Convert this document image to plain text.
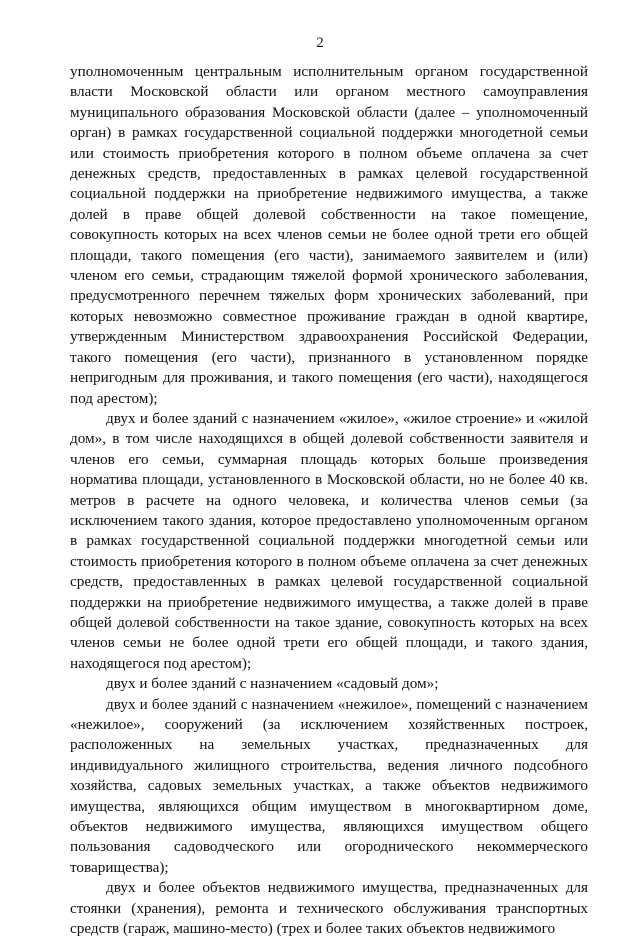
2

уполномоченным центральным исполнительным органом государственной власти Московской области или органом местного самоуправления муниципального образования Московской области (далее – уполномоченный орган) в рамках государственной социальной поддержки многодетной семьи или стоимость приобретения которого в полном объеме оплачена за счет денежных средств, предоставленных в рамках целевой государственной социальной поддержки на приобретение недвижимого имущества, а также долей в праве общей долевой собственности на такое помещение, совокупность которых на всех членов семьи не более одной трети его общей площади, такого помещения (его части), занимаемого заявителем и (или) членом его семьи, страдающим тяжелой формой хронического заболевания, предусмотренного перечнем тяжелых форм хронических заболеваний, при которых невозможно совместное проживание граждан в одной квартире, утвержденным Министерством здравоохранения Российской Федерации, такого помещения (его части), признанного в установленном порядке непригодным для проживания, и такого помещения (его части), находящегося под арестом);

двух и более зданий с назначением «жилое», «жилое строение» и «жилой дом», в том числе находящихся в общей долевой собственности заявителя и членов его семьи, суммарная площадь которых больше произведения норматива площади, установленного в Московской области, но не более 40 кв. метров в расчете на одного человека, и количества членов семьи (за исключением такого здания, которое предоставлено уполномоченным органом в рамках государственной социальной поддержки многодетной семьи или стоимость приобретения которого в полном объеме оплачена за счет денежных средств, предоставленных в рамках целевой государственной социальной поддержки на приобретение недвижимого имущества, а также долей в праве общей долевой собственности на такое здание, совокупность которых на всех членов семьи не более одной трети его общей площади, и такого здания, находящегося под арестом);

двух и более зданий с назначением «садовый дом»;

двух и более зданий с назначением «нежилое», помещений с назначением «нежилое», сооружений (за исключением хозяйственных построек, расположенных на земельных участках, предназначенных для индивидуального жилищного строительства, ведения личного подсобного хозяйства, садовых земельных участках, а также объектов недвижимого имущества, являющихся общим имуществом в многоквартирном доме, объектов недвижимого имущества, являющихся имуществом общего пользования садоводческого или огороднического некоммерческого товарищества);

двух и более объектов недвижимого имущества, предназначенных для стоянки (хранения), ремонта и технического обслуживания транспортных средств (гараж, машино-место) (трех и более таких объектов недвижимого
